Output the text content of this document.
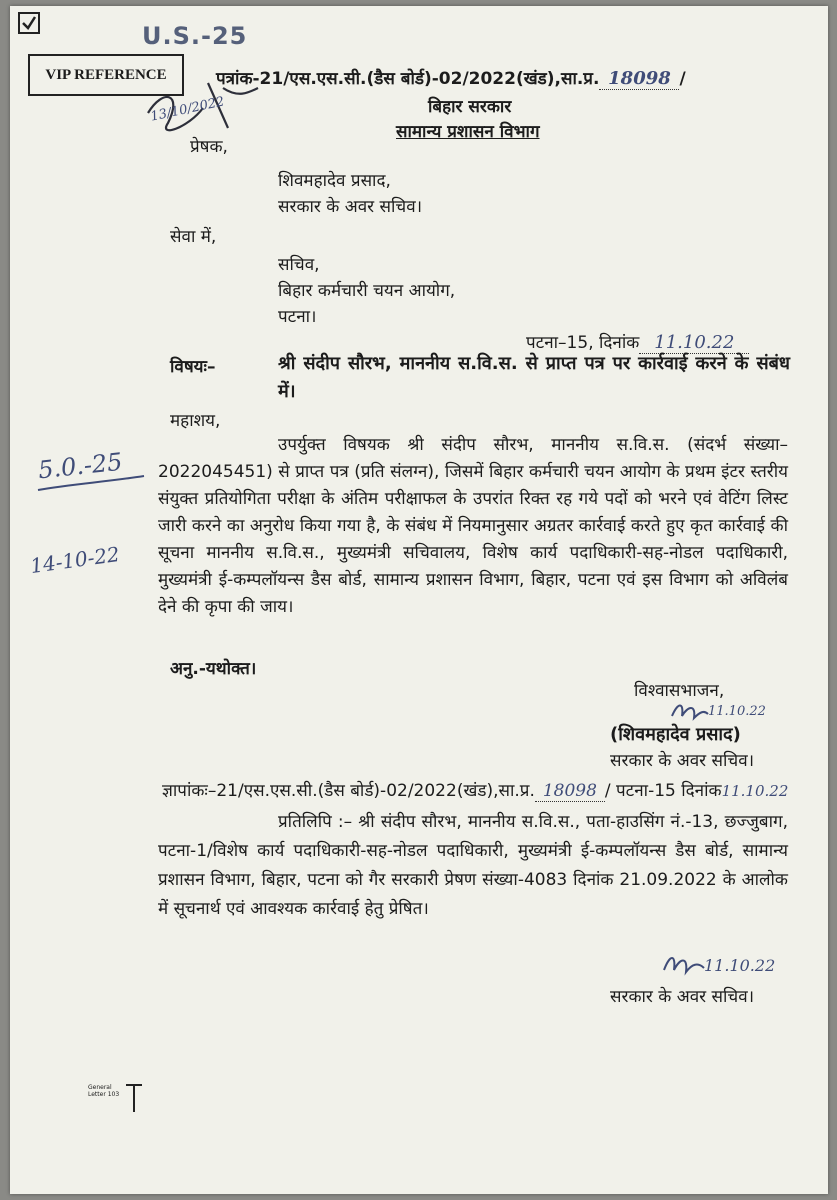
U.S.-25
VIP REFERENCE
13/10/2022
पत्रांक-21/एस.एस.सी.(डैस बोर्ड)-02/2022(खंड),सा.प्र. 18098 /
बिहार सरकार
सामान्य प्रशासन विभाग
प्रेषक,
शिवमहादेव प्रसाद,
सरकार के अवर सचिव।
सेवा में,
सचिव,
बिहार कर्मचारी चयन आयोग,
पटना।
पटना–15, दिनांक 11.10.22
विषयः–	श्री संदीप सौरभ, माननीय स.वि.स. से प्राप्त पत्र पर कार्रवाई करने के संबंध में।
महाशय,
उपर्युक्त विषयक श्री संदीप सौरभ, माननीय स.वि.स. (संदर्भ संख्या–2022045451) से प्राप्त पत्र (प्रति संलग्न), जिसमें बिहार कर्मचारी चयन आयोग के प्रथम इंटर स्तरीय संयुक्त प्रतियोगिता परीक्षा के अंतिम परीक्षाफल के उपरांत रिक्त रह गये पदों को भरने एवं वेटिंग लिस्ट जारी करने का अनुरोध किया गया है, के संबंध में नियमानुसार अग्रतर कार्रवाई करते हुए कृत कार्रवाई की सूचना माननीय स.वि.स., मुख्यमंत्री सचिवालय, विशेष कार्य पदाधिकारी-सह-नोडल पदाधिकारी, मुख्यमंत्री ई-कम्पलॉयन्स डैस बोर्ड, सामान्य प्रशासन विभाग, बिहार, पटना एवं इस विभाग को अविलंब देने की कृपा की जाय।
अनु.-यथोक्त।
5.0.-25
14-10-22
विश्वासभाजन,
11.10.22
(शिवमहादेव प्रसाद)
सरकार के अवर सचिव।
ज्ञापांकः–21/एस.एस.सी.(डैस बोर्ड)-02/2022(खंड),सा.प्र. 18098 / पटना-15 दिनांक11.10.22
प्रतिलिपि :– श्री संदीप सौरभ, माननीय स.वि.स., पता-हाउसिंग नं.-13, छज्जुबाग, पटना-1/विशेष कार्य पदाधिकारी-सह-नोडल पदाधिकारी, मुख्यमंत्री ई-कम्पलॉयन्स डैस बोर्ड, सामान्य प्रशासन विभाग, बिहार, पटना को गैर सरकारी प्रेषण संख्या-4083 दिनांक 21.09.2022 के आलोक में सूचनार्थ एवं आवश्यक कार्रवाई हेतु प्रेषित।
11.10.22
सरकार के अवर सचिव।
General Letter 103
